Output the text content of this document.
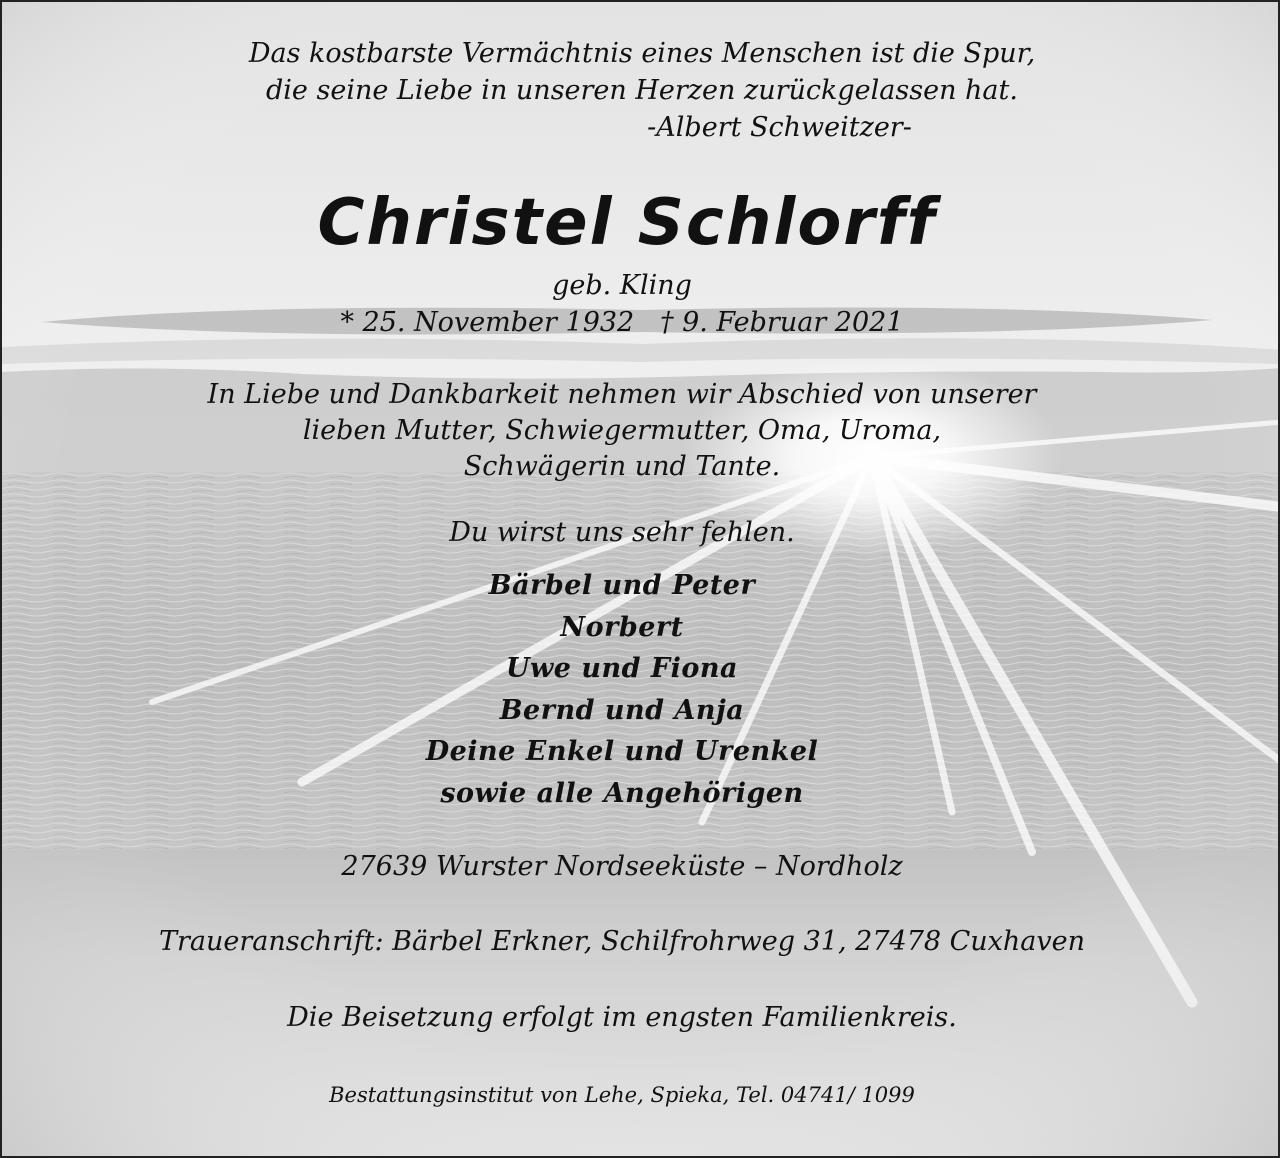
Das kostbarste Vermächtnis eines Menschen ist die Spur,

die seine Liebe in unseren Herzen zurückgelassen hat.

-Albert Schweitzer-

Christel Schlorff

geb. Kling

* 25. November 1932   † 9. Februar 2021

In Liebe und Dankbarkeit nehmen wir Abschied von unserer

lieben Mutter, Schwiegermutter, Oma, Uroma,

Schwägerin und Tante.

Du wirst uns sehr fehlen.

Bärbel und Peter
Norbert
Uwe und Fiona
Bernd und Anja
Deine Enkel und Urenkel
sowie alle Angehörigen

27639 Wurster Nordseeküste – Nordholz

Traueranschrift: Bärbel Erkner, Schilfrohrweg 31, 27478 Cuxhaven

Die Beisetzung erfolgt im engsten Familienkreis.

Bestattungsinstitut von Lehe, Spieka, Tel. 04741/ 1099
